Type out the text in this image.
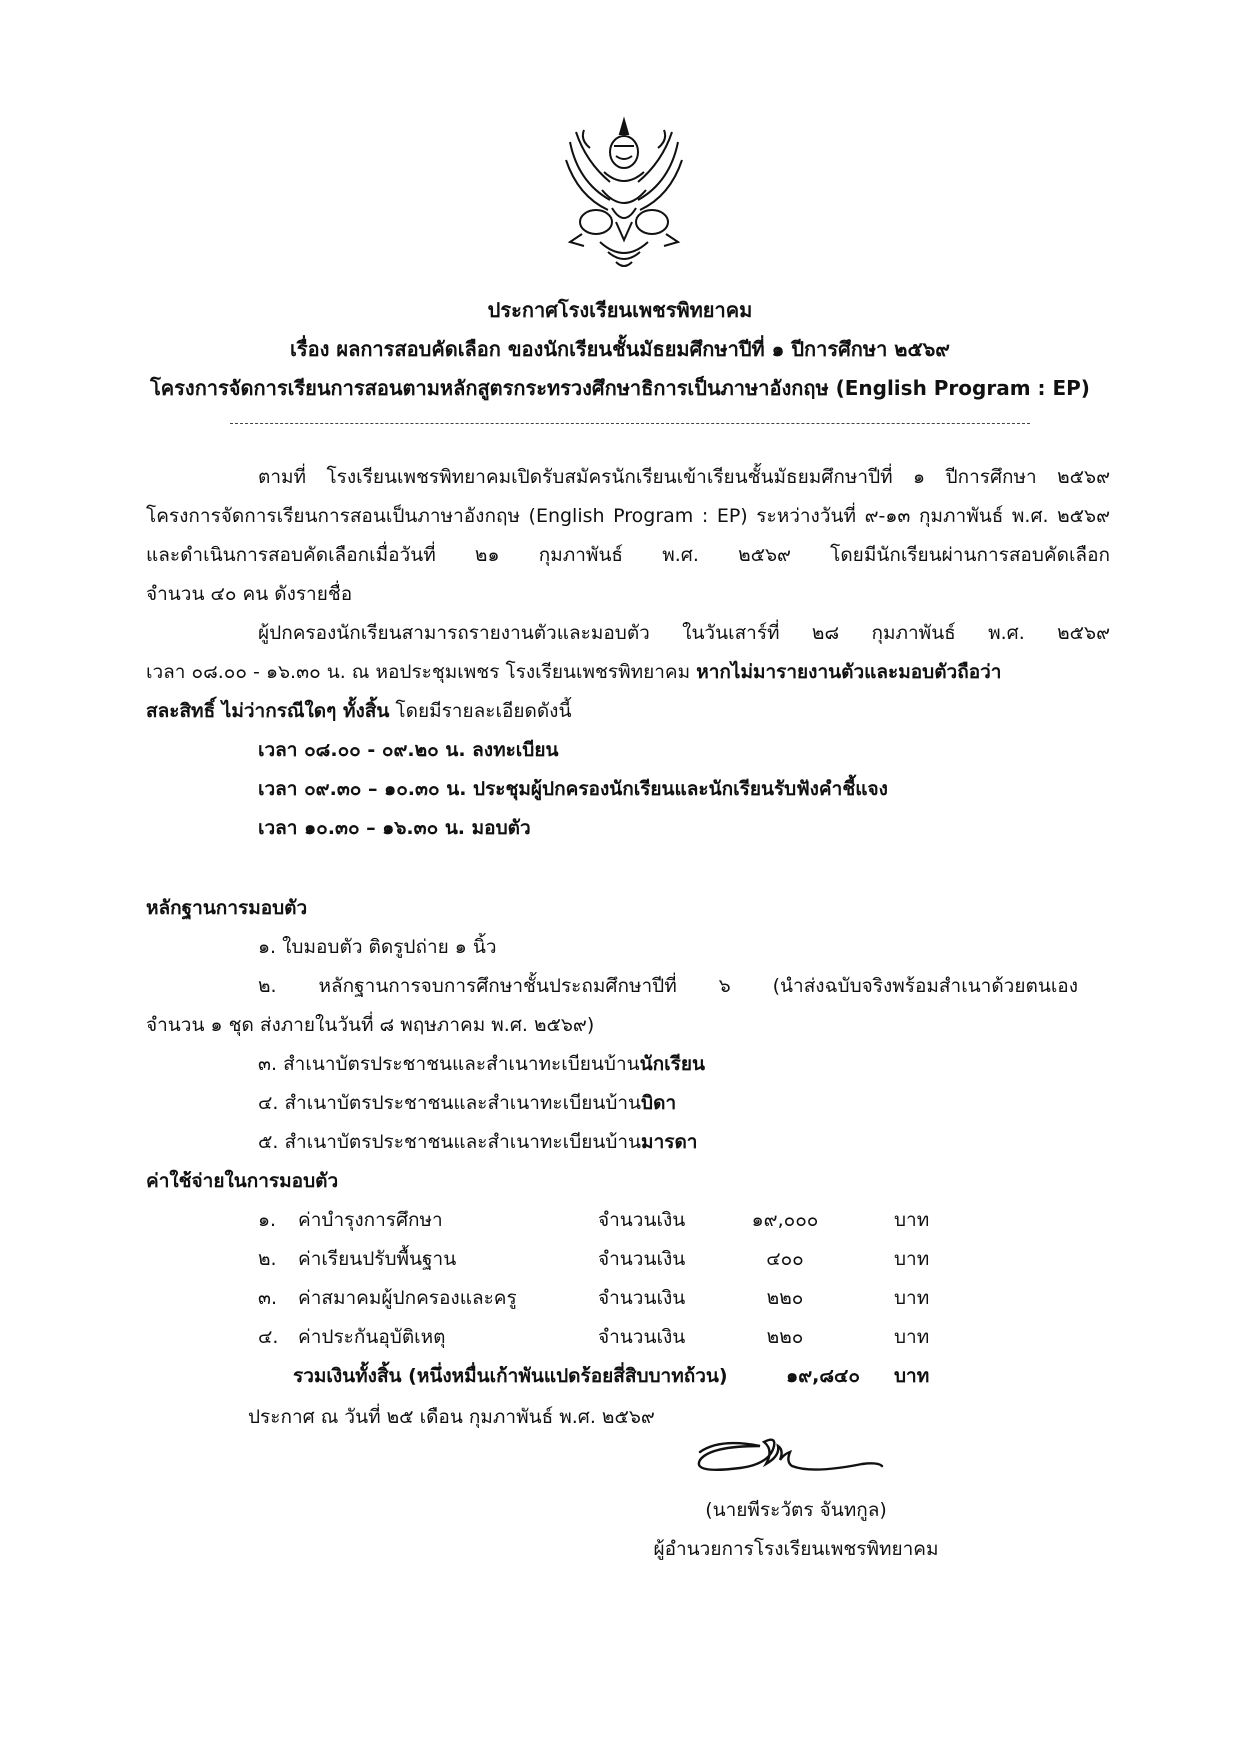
ประกาศโรงเรียนเพชรพิทยาคม
เรื่อง ผลการสอบคัดเลือก ของนักเรียนชั้นมัธยมศึกษาปีที่ ๑ ปีการศึกษา ๒๕๖๙
โครงการจัดการเรียนการสอนตามหลักสูตรกระทรวงศึกษาธิการเป็นภาษาอังกฤษ (English Program : EP)
ตามที่ โรงเรียนเพชรพิทยาคมเปิดรับสมัครนักเรียนเข้าเรียนชั้นมัธยมศึกษาปีที่ ๑ ปีการศึกษา ๒๕๖๙
โครงการจัดการเรียนการสอนเป็นภาษาอังกฤษ (English Program : EP) ระหว่างวันที่ ๙-๑๓ กุมภาพันธ์ พ.ศ. ๒๕๖๙
และดำเนินการสอบคัดเลือกเมื่อวันที่ ๒๑ กุมภาพันธ์ พ.ศ. ๒๕๖๙ โดยมีนักเรียนผ่านการสอบคัดเลือก
จำนวน ๔๐ คน ดังรายชื่อ
ผู้ปกครองนักเรียนสามารถรายงานตัวและมอบตัว ในวันเสาร์ที่ ๒๘ กุมภาพันธ์ พ.ศ. ๒๕๖๙
เวลา ๐๘.๐๐ - ๑๖.๓๐ น. ณ หอประชุมเพชร โรงเรียนเพชรพิทยาคม หากไม่มารายงานตัวและมอบตัวถือว่า
สละสิทธิ์ ไม่ว่ากรณีใดๆ ทั้งสิ้น โดยมีรายละเอียดดังนี้
เวลา ๐๘.๐๐ - ๐๙.๒๐ น. ลงทะเบียน
เวลา ๐๙.๓๐ – ๑๐.๓๐ น. ประชุมผู้ปกครองนักเรียนและนักเรียนรับฟังคำชี้แจง
เวลา ๑๐.๓๐ – ๑๖.๓๐ น. มอบตัว
หลักฐานการมอบตัว
๑. ใบมอบตัว ติดรูปถ่าย ๑ นิ้ว
๒. หลักฐานการจบการศึกษาชั้นประถมศึกษาปีที่ ๖ (นำส่งฉบับจริงพร้อมสำเนาด้วยตนเอง
จำนวน ๑ ชุด ส่งภายในวันที่ ๘ พฤษภาคม พ.ศ. ๒๕๖๙)
๓. สำเนาบัตรประชาชนและสำเนาทะเบียนบ้านนักเรียน
๔. สำเนาบัตรประชาชนและสำเนาทะเบียนบ้านบิดา
๕. สำเนาบัตรประชาชนและสำเนาทะเบียนบ้านมารดา
ค่าใช้จ่ายในการมอบตัว
๑. ค่าบำรุงการศึกษา	จำนวนเงิน	๑๙,๐๐๐	บาท
๒. ค่าเรียนปรับพื้นฐาน	จำนวนเงิน	๔๐๐	บาท
๓. ค่าสมาคมผู้ปกครองและครู	จำนวนเงิน	๒๒๐	บาท
๔. ค่าประกันอุบัติเหตุ	จำนวนเงิน	๒๒๐	บาท
รวมเงินทั้งสิ้น (หนึ่งหมื่นเก้าพันแปดร้อยสี่สิบบาทถ้วน)	๑๙,๘๔๐ บาท
ประกาศ ณ วันที่ ๒๕ เดือน กุมภาพันธ์ พ.ศ. ๒๕๖๙
(นายพีระวัตร จันทกูล)
ผู้อำนวยการโรงเรียนเพชรพิทยาคม
